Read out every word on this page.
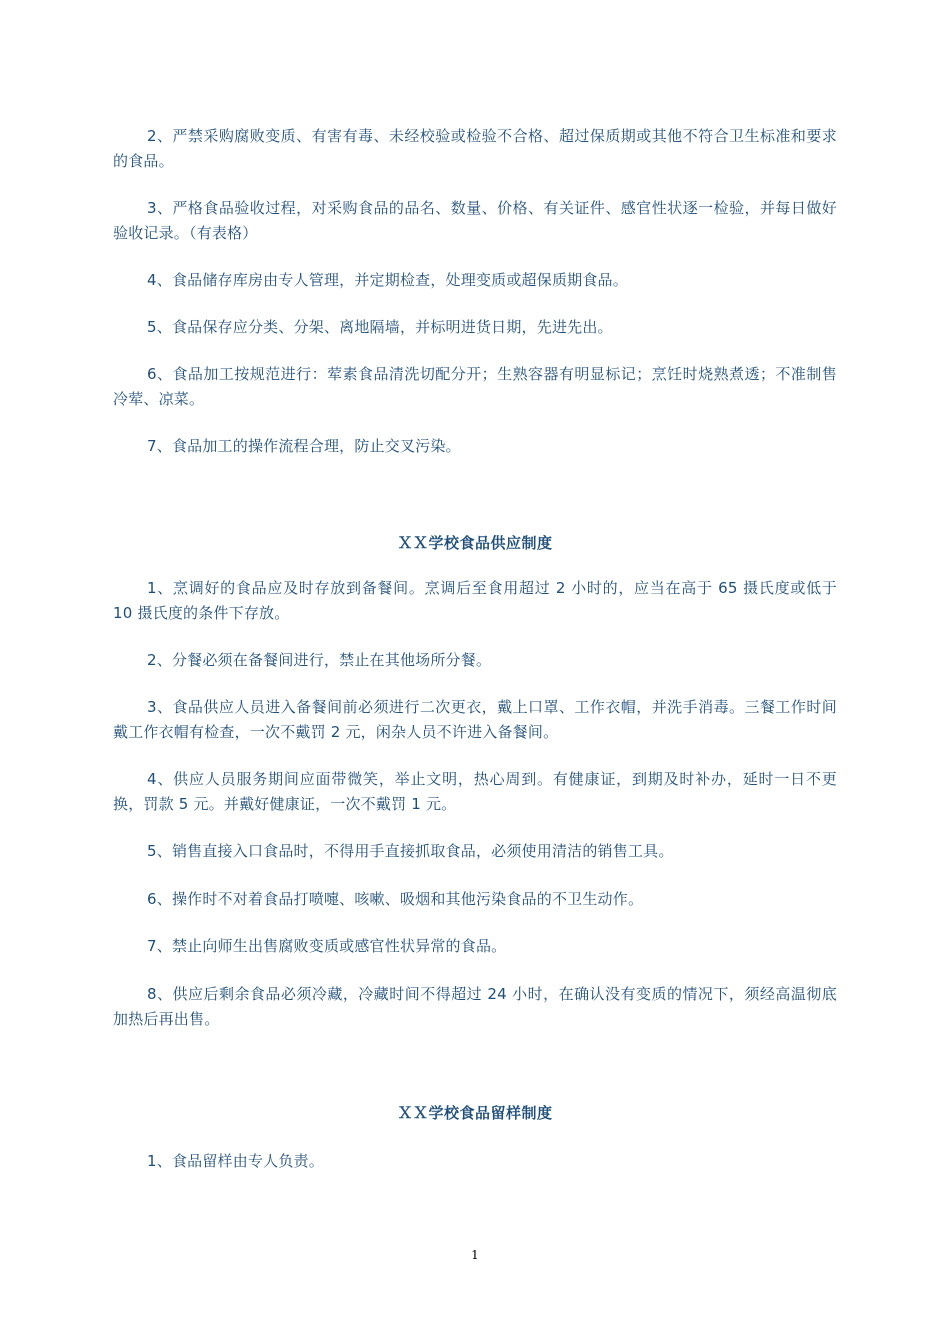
2、严禁采购腐败变质、有害有毒、未经校验或检验不合格、超过保质期或其他不符合卫生标准和要求的食品。

3、严格食品验收过程，对采购食品的品名、数量、价格、有关证件、感官性状逐一检验，并每日做好验收记录。（有表格）

4、食品储存库房由专人管理，并定期检查，处理变质或超保质期食品。

5、食品保存应分类、分架、离地隔墙，并标明进货日期，先进先出。

6、食品加工按规范进行：荤素食品清洗切配分开；生熟容器有明显标记；烹饪时烧熟煮透；不准制售冷荤、凉菜。

7、食品加工的操作流程合理，防止交叉污染。

ＸＸ学校食品供应制度

1、烹调好的食品应及时存放到备餐间。烹调后至食用超过 2 小时的，应当在高于 65 摄氏度或低于 10 摄氏度的条件下存放。

2、分餐必须在备餐间进行，禁止在其他场所分餐。

3、食品供应人员进入备餐间前必须进行二次更衣，戴上口罩、工作衣帽，并洗手消毒。三餐工作时间戴工作衣帽有检查，一次不戴罚 2 元，闲杂人员不许进入备餐间。

4、供应人员服务期间应面带微笑，举止文明，热心周到。有健康证，到期及时补办，延时一日不更换，罚款 5 元。并戴好健康证，一次不戴罚 1 元。

5、销售直接入口食品时，不得用手直接抓取食品，必须使用清洁的销售工具。

6、操作时不对着食品打喷嚏、咳嗽、吸烟和其他污染食品的不卫生动作。

7、禁止向师生出售腐败变质或感官性状异常的食品。

8、供应后剩余食品必须冷藏，冷藏时间不得超过 24 小时，在确认没有变质的情况下，须经高温彻底加热后再出售。

ＸＸ学校食品留样制度

1、食品留样由专人负责。

1
